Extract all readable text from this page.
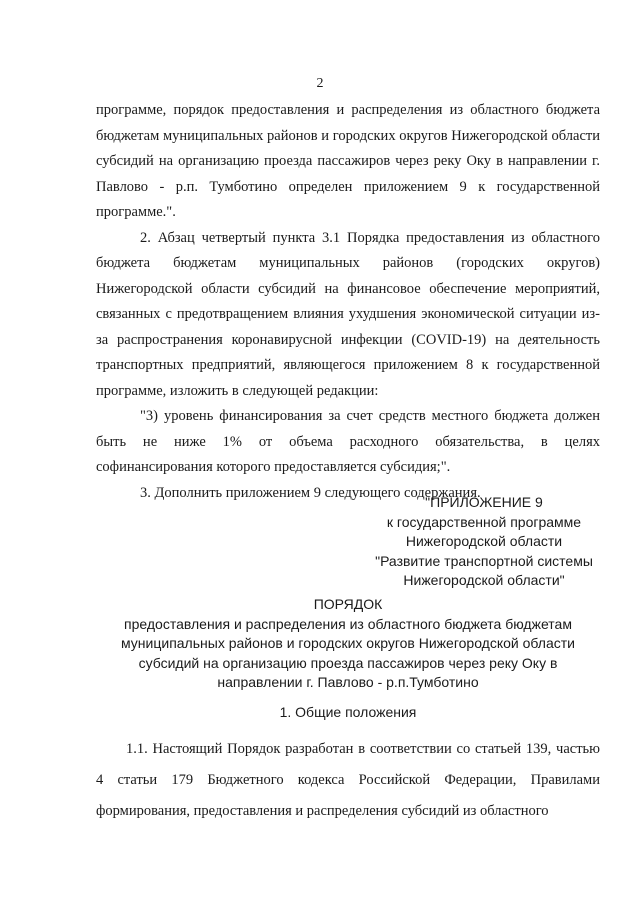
2

программе, порядок предоставления и распределения из областного бюджета бюджетам муниципальных районов и городских округов Нижегородской области субсидий на организацию проезда пассажиров через реку Оку в направлении г. Павлово - р.п. Тумботино определен приложением 9 к государственной программе.".

2. Абзац четвертый пункта 3.1 Порядка предоставления из областного бюджета бюджетам муниципальных районов (городских округов) Нижегородской области субсидий на финансовое обеспечение мероприятий, связанных с предотвращением влияния ухудшения экономической ситуации из-за распространения коронавирусной инфекции (COVID-19) на деятельность транспортных предприятий, являющегося приложением 8 к государственной программе, изложить в следующей редакции:

"3) уровень финансирования за счет средств местного бюджета должен быть не ниже 1% от объема расходного обязательства, в целях софинансирования которого предоставляется субсидия;".

3. Дополнить приложением 9 следующего содержания.

"ПРИЛОЖЕНИЕ 9
к государственной программе
Нижегородской области
"Развитие транспортной системы
Нижегородской области"
ПОРЯДОК
предоставления и распределения из областного бюджета бюджетам
муниципальных районов и городских округов Нижегородской области
субсидий на организацию проезда пассажиров через реку Оку в
направлении г. Павлово - р.п.Тумботино
1. Общие положения

1.1. Настоящий Порядок разработан в соответствии со статьей 139, частью 4 статьи 179 Бюджетного кодекса Российской Федерации, Правилами формирования, предоставления и распределения субсидий из областного
